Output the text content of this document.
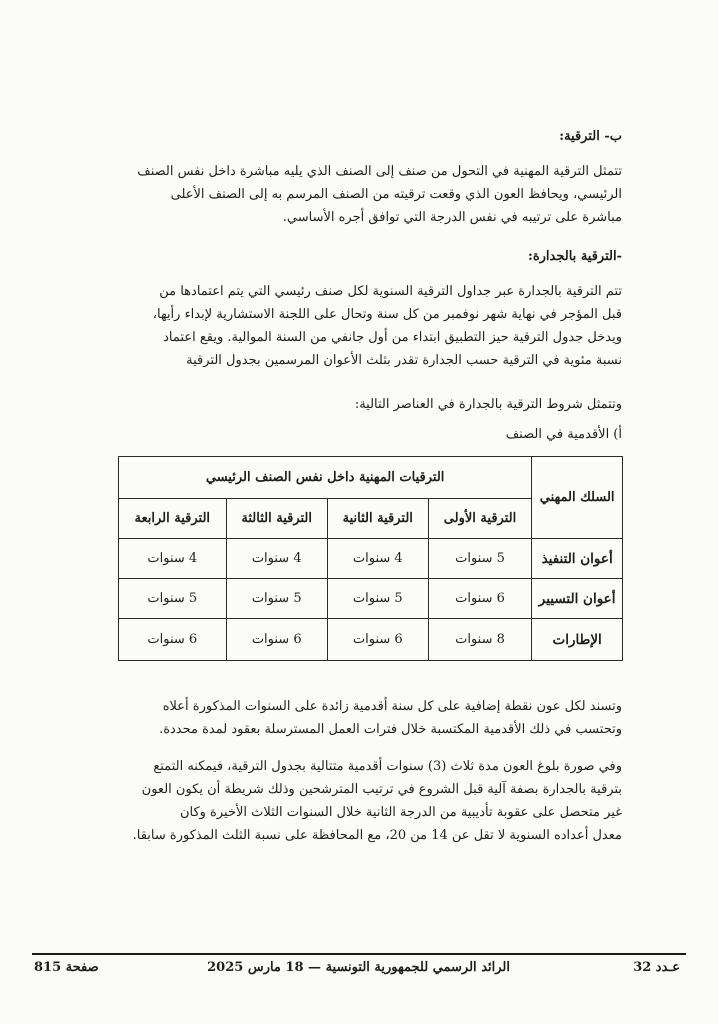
ب- الترقية:
تتمثل الترقية المهنية في التحول من صنف إلى الصنف الذي يليه مباشرة داخل نفس الصنف
الرئيسي، ويحافظ العون الذي وقعت ترقيته من الصنف المرسم به إلى الصنف الأعلى
مباشرة على ترتيبه في نفس الدرجة التي توافق أجره الأساسي.
-الترقية بالجدارة:
تتم الترقية بالجدارة عبر جداول الترقية السنوية لكل صنف رئيسي التي يتم اعتمادها من
قبل المؤجر في نهاية شهر نوفمبر من كل سنة وتحال على اللجنة الاستشارية لإبداء رأيها،
ويدخل جدول الترقية حيز التطبيق ابتداء من أول جانفي من السنة الموالية. ويقع اعتماد
نسبة مئوية في الترقية حسب الجدارة تقدر بثلث الأعوان المرسمين بجدول الترقية
وتتمثل شروط الترقية بالجدارة في العناصر التالية:
أ) الأقدمية في الصنف
السلك المهني	الترقيات المهنية داخل نفس الصنف الرئيسي			
	الترقية الأولى	الترقية الثانية	الترقية الثالثة	الترقية الرابعة
أعوان التنفيذ	5 سنوات	4 سنوات	4 سنوات	4 سنوات
أعوان التسيير	6 سنوات	5 سنوات	5 سنوات	5 سنوات
الإطارات	8 سنوات	6 سنوات	6 سنوات	6 سنوات
وتسند لكل عون نقطة إضافية على كل سنة أقدمية زائدة على السنوات المذكورة أعلاه
وتحتسب في ذلك الأقدمية المكتسبة خلال فترات العمل المسترسلة بعقود لمدة محددة.
وفي صورة بلوغ العون مدة ثلاث (3) سنوات أقدمية متتالية بجدول الترقية، فيمكنه التمتع
بترقية بالجدارة بصفة آلية قبل الشروع في ترتيب المترشحين وذلك شريطة أن يكون العون
غير متحصل على عقوبة تأديبية من الدرجة الثانية خلال السنوات الثلاث الأخيرة وكان
معدل أعداده السنوية لا تقل عن 14 من 20، مع المحافظة على نسبة الثلث المذكورة سابقا.
عـدد 32
الرائد الرسمي للجمهورية التونسية — 18 مارس 2025
صفحة 815
